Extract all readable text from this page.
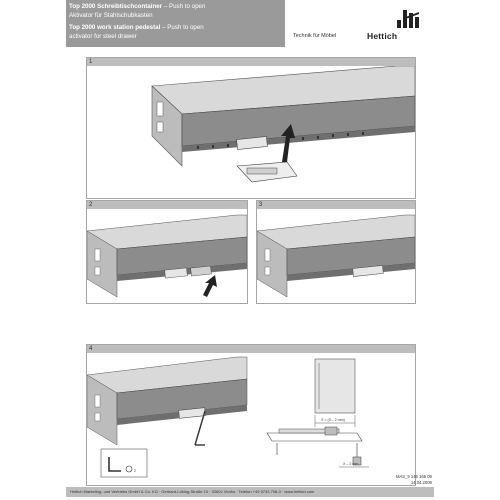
Top 2000 Schreibtischcontainer – Push to open
Aktivator für Stahlschubkasten
Top 2000 work station pedestal – Push to open
activator for steel drawer	Technik für Möbel	Hettich
1
2	3
4
2
X = (0 – 2 mm)
X – 2 mm
MAS_9 146 165 09
14.04.2009
Hettich Marketing- und Vertriebs GmbH & Co. KG · Gerhard-Lüking-Straße 10 · 32602 Vlotho · Telefon +49 5733 798-0 · www.hettich.com
